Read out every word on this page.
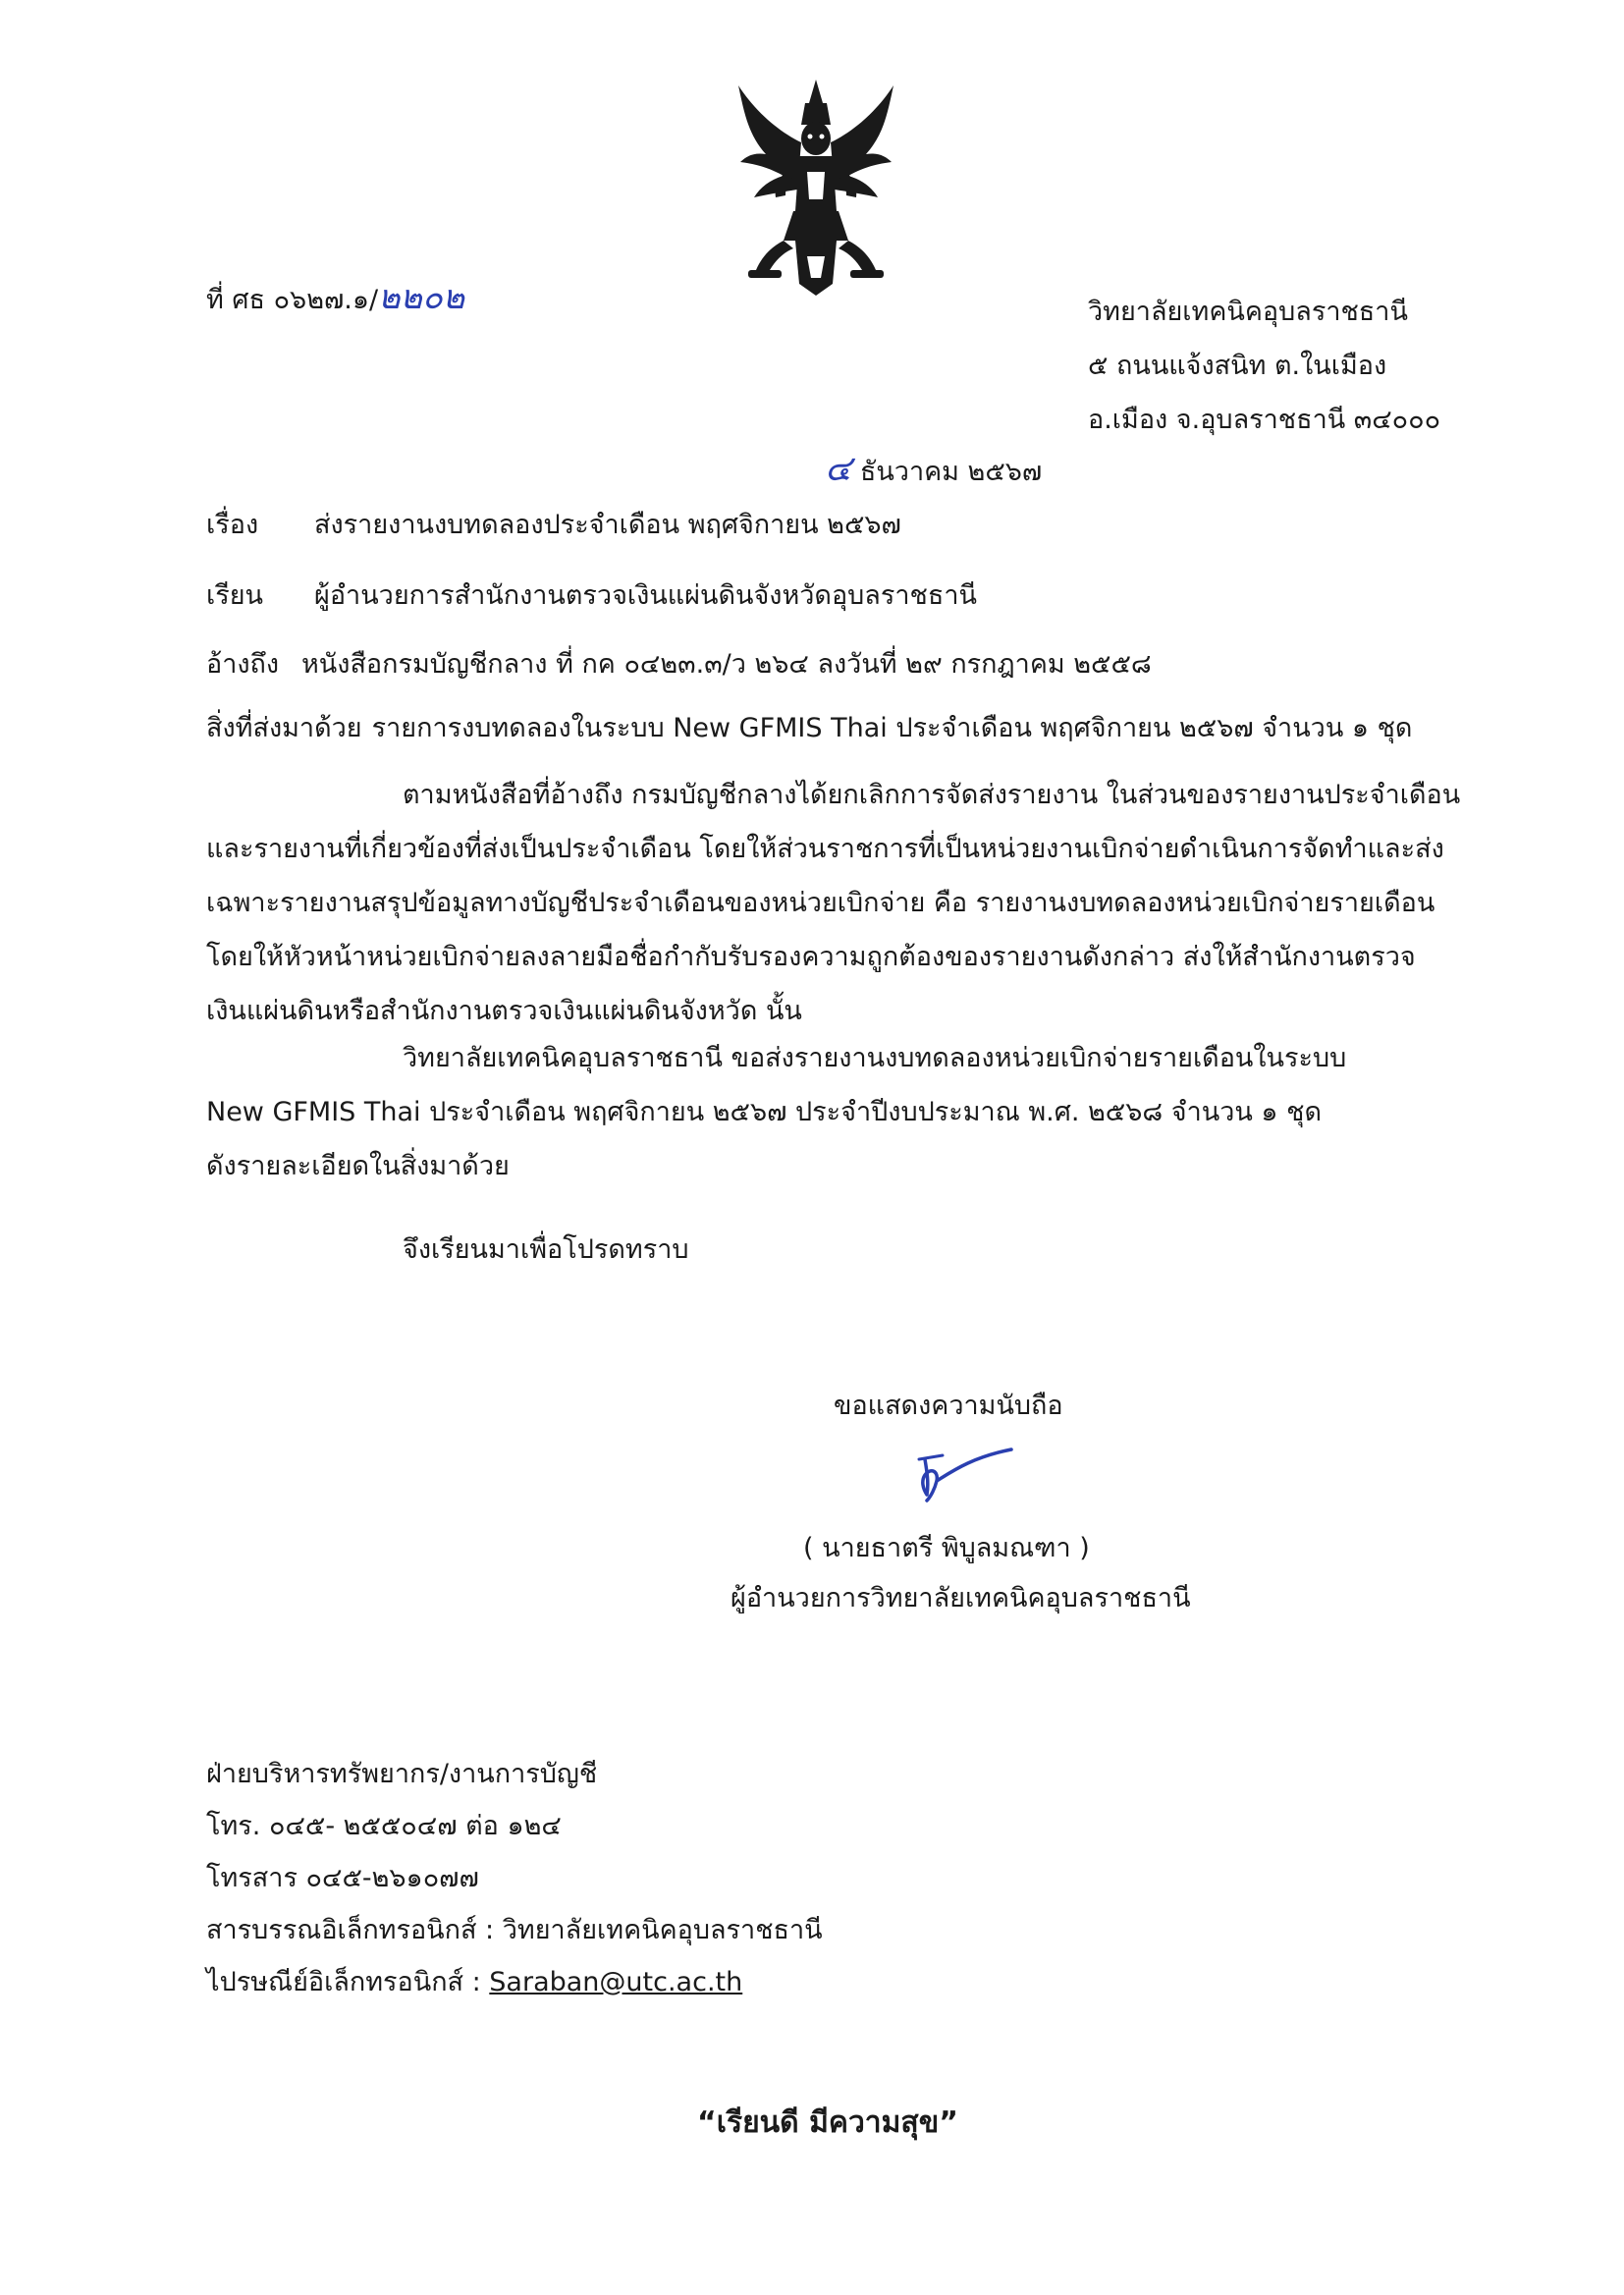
ที่ ศธ ๐๖๒๗.๑/๒๒๐๒	วิทยาลัยเทคนิคอุบลราชธานี
๕ ถนนแจ้งสนิท ต.ในเมือง
อ.เมือง จ.อุบลราชธานี ๓๔๐๐๐
๔ ธันวาคม ๒๕๖๗
เรื่อง ส่งรายงานงบทดลองประจำเดือน พฤศจิกายน ๒๕๖๗
เรียน ผู้อำนวยการสำนักงานตรวจเงินแผ่นดินจังหวัดอุบลราชธานี
อ้างถึง หนังสือกรมบัญชีกลาง ที่ กค ๐๔๒๓.๓/ว ๒๖๔ ลงวันที่ ๒๙ กรกฎาคม ๒๕๕๘
สิ่งที่ส่งมาด้วย รายการงบทดลองในระบบ New GFMIS Thai ประจำเดือน พฤศจิกายน ๒๕๖๗ จำนวน ๑ ชุด
ตามหนังสือที่อ้างถึง กรมบัญชีกลางได้ยกเลิกการจัดส่งรายงาน ในส่วนของรายงานประจำเดือน
และรายงานที่เกี่ยวข้องที่ส่งเป็นประจำเดือน โดยให้ส่วนราชการที่เป็นหน่วยงานเบิกจ่ายดำเนินการจัดทำและส่ง
เฉพาะรายงานสรุปข้อมูลทางบัญชีประจำเดือนของหน่วยเบิกจ่าย คือ รายงานงบทดลองหน่วยเบิกจ่ายรายเดือน
โดยให้หัวหน้าหน่วยเบิกจ่ายลงลายมือชื่อกำกับรับรองความถูกต้องของรายงานดังกล่าว ส่งให้สำนักงานตรวจ
เงินแผ่นดินหรือสำนักงานตรวจเงินแผ่นดินจังหวัด นั้น
วิทยาลัยเทคนิคอุบลราชธานี ขอส่งรายงานงบทดลองหน่วยเบิกจ่ายรายเดือนในระบบ
New GFMIS Thai ประจำเดือน พฤศจิกายน ๒๕๖๗ ประจำปีงบประมาณ พ.ศ. ๒๕๖๘ จำนวน ๑ ชุด
ดังรายละเอียดในสิ่งมาด้วย
จึงเรียนมาเพื่อโปรดทราบ
ขอแสดงความนับถือ
( นายธาตรี พิบูลมณฑา )
ผู้อำนวยการวิทยาลัยเทคนิคอุบลราชธานี
ฝ่ายบริหารทรัพยากร/งานการบัญชี
โทร. ๐๔๕- ๒๕๕๐๔๗ ต่อ ๑๒๔
โทรสาร ๐๔๕-๒๖๑๐๗๗
สารบรรณอิเล็กทรอนิกส์ : วิทยาลัยเทคนิคอุบลราชธานี
ไปรษณีย์อิเล็กทรอนิกส์ : Saraban@utc.ac.th
“เรียนดี มีความสุข”
